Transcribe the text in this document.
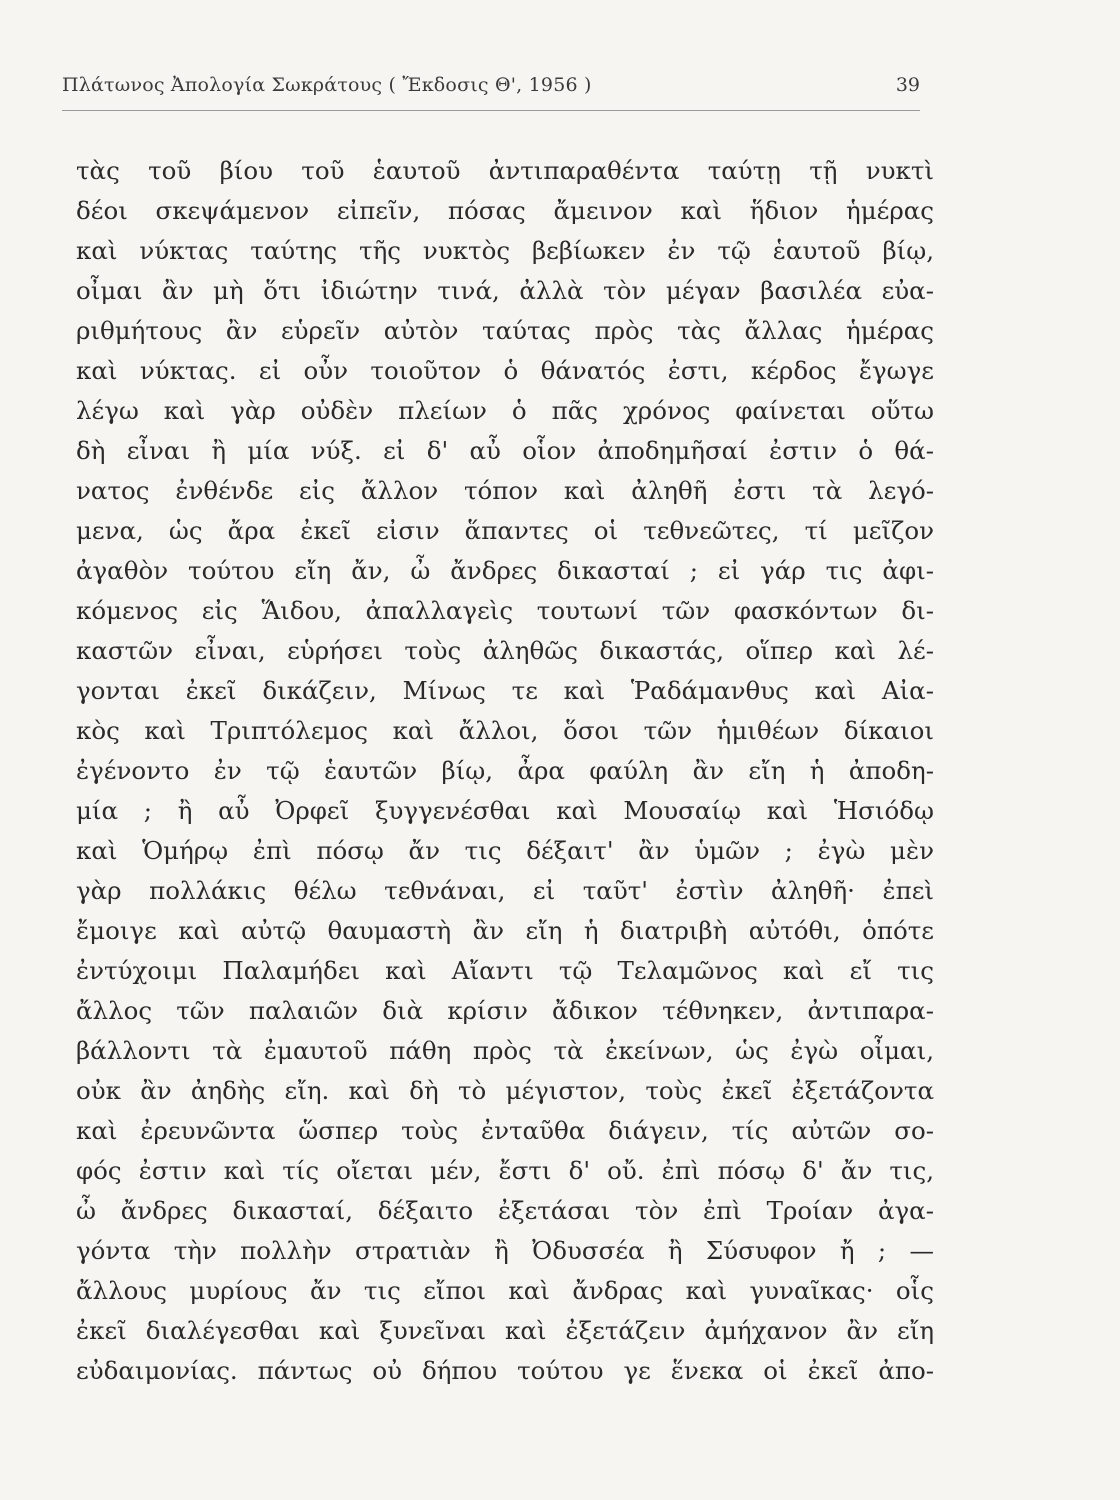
Πλάτωνος Ἀπολογία Σωκράτους ( Ἔκδοσις Θ', 1956 )	39
τὰς τοῦ βίου τοῦ ἑαυτοῦ ἀντιπαραθέντα ταύτῃ τῇ νυκτὶ
δέοι σκεψάμενον εἰπεῖν, πόσας ἄμεινον καὶ ἥδιον ἡμέρας
καὶ νύκτας ταύτης τῆς νυκτὸς βεβίωκεν ἐν τῷ ἑαυτοῦ βίῳ,
οἶμαι ἂν μὴ ὅτι ἰδιώτην τινά, ἀλλὰ τὸν μέγαν βασιλέα εὐα-
ριθμήτους ἂν εὑρεῖν αὐτὸν ταύτας πρὸς τὰς ἄλλας ἡμέρας
καὶ νύκτας. εἰ οὖν τοιοῦτον ὁ θάνατός ἐστι, κέρδος ἔγωγε
λέγω καὶ γὰρ οὐδὲν πλείων ὁ πᾶς χρόνος φαίνεται οὕτω
δὴ εἶναι ἢ μία νύξ. εἰ δ' αὖ οἷον ἀποδημῆσαί ἐστιν ὁ θά-
νατος ἐνθένδε εἰς ἄλλον τόπον καὶ ἀληθῆ ἐστι τὰ λεγό-
μενα, ὡς ἄρα ἐκεῖ εἰσιν ἅπαντες οἱ τεθνεῶτες, τί μεῖζον
ἀγαθὸν τούτου εἴη ἄν, ὦ ἄνδρες δικασταί ; εἰ γάρ τις ἀφι-
κόμενος εἰς Ἅιδου, ἀπαλλαγεὶς τουτωνί τῶν φασκόντων δι-
καστῶν εἶναι, εὑρήσει τοὺς ἀληθῶς δικαστάς, οἵπερ καὶ λέ-
γονται ἐκεῖ δικάζειν, Μίνως τε καὶ Ῥαδάμανθυς καὶ Αἰα-
κὸς καὶ Τριπτόλεμος καὶ ἄλλοι, ὅσοι τῶν ἡμιθέων δίκαιοι
ἐγένοντο ἐν τῷ ἑαυτῶν βίῳ, ἆρα φαύλη ἂν εἴη ἡ ἀποδη-
μία ; ἢ αὖ Ὀρφεῖ ξυγγενέσθαι καὶ Μουσαίῳ καὶ Ἡσιόδῳ
καὶ Ὁμήρῳ ἐπὶ πόσῳ ἄν τις δέξαιτ' ἂν ὑμῶν ; ἐγὼ μὲν
γὰρ πολλάκις θέλω τεθνάναι, εἰ ταῦτ' ἐστὶν ἀληθῆ· ἐπεὶ
ἔμοιγε καὶ αὐτῷ θαυμαστὴ ἂν εἴη ἡ διατριβὴ αὐτόθι, ὁπότε
ἐντύχοιμι Παλαμήδει καὶ Αἴαντι τῷ Τελαμῶνος καὶ εἴ τις
ἄλλος τῶν παλαιῶν διὰ κρίσιν ἄδικον τέθνηκεν, ἀντιπαρα-
βάλλοντι τὰ ἐμαυτοῦ πάθη πρὸς τὰ ἐκείνων, ὡς ἐγὼ οἶμαι,
οὐκ ἂν ἀηδὴς εἴη. καὶ δὴ τὸ μέγιστον, τοὺς ἐκεῖ ἐξετάζοντα
καὶ ἐρευνῶντα ὥσπερ τοὺς ἐνταῦθα διάγειν, τίς αὐτῶν σο-
φός ἐστιν καὶ τίς οἴεται μέν, ἔστι δ' οὔ. ἐπὶ πόσῳ δ' ἄν τις,
ὦ ἄνδρες δικασταί, δέξαιτο ἐξετάσαι τὸν ἐπὶ Τροίαν ἀγα-
γόντα τὴν πολλὴν στρατιὰν ἢ Ὀδυσσέα ἢ Σύσυφον ἤ ; —
ἄλλους μυρίους ἄν τις εἴποι καὶ ἄνδρας καὶ γυναῖκας· οἷς
ἐκεῖ διαλέγεσθαι καὶ ξυνεῖναι καὶ ἐξετάζειν ἀμήχανον ἂν εἴη
εὐδαιμονίας. πάντως οὐ δήπου τούτου γε ἕνεκα οἱ ἐκεῖ ἀπο-
